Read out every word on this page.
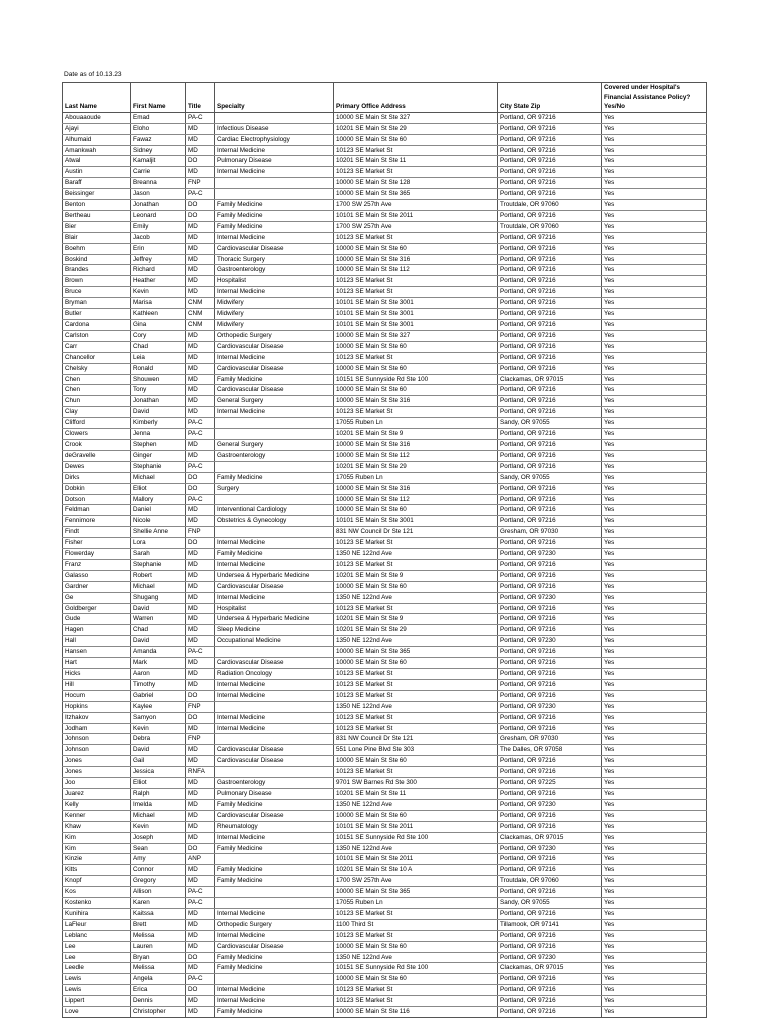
Date as of 10.13.23
Last Name	First Name	Title	Specialty	Primary Office Address	City State Zip	Covered under Hospital's Financial Assistance Policy? Yes/No
Abouaaoude	Emad	PA-C		10000 SE Main St Ste 327	Portland, OR 97216	Yes
Ajayi	Eloho	MD	Infectious Disease	10201 SE Main St Ste 29	Portland, OR 97216	Yes
Alhumaid	Fawaz	MD	Cardiac Electrophysiology	10000 SE Main St Ste 60	Portland, OR 97216	Yes
Amankwah	Sidney	MD	Internal Medicine	10123 SE Market St	Portland, OR 97216	Yes
Atwal	Kamaljit	DO	Pulmonary Disease	10201 SE Main St Ste 11	Portland, OR 97216	Yes
Austin	Carrie	MD	Internal Medicine	10123 SE Market St	Portland, OR 97216	Yes
Baraff	Breanna	FNP		10000 SE Main St Ste 128	Portland, OR 97216	Yes
Beissinger	Jason	PA-C		10000 SE Main St Ste 365	Portland, OR 97216	Yes
Benton	Jonathan	DO	Family Medicine	1700 SW 257th Ave	Troutdale, OR 97060	Yes
Bertheau	Leonard	DO	Family Medicine	10101 SE Main St Ste 2011	Portland, OR 97216	Yes
Bier	Emily	MD	Family Medicine	1700 SW 257th Ave	Troutdale, OR 97060	Yes
Blair	Jacob	MD	Internal Medicine	10123 SE Market St	Portland, OR 97216	Yes
Boehm	Erin	MD	Cardiovascular Disease	10000 SE Main St Ste 60	Portland, OR 97216	Yes
Boskind	Jeffrey	MD	Thoracic Surgery	10000 SE Main St Ste 316	Portland, OR 97216	Yes
Brandes	Richard	MD	Gastroenterology	10000 SE Main St Ste 112	Portland, OR 97216	Yes
Brown	Heather	MD	Hospitalist	10123 SE Market St	Portland, OR 97216	Yes
Bruce	Kevin	MD	Internal Medicine	10123 SE Market St	Portland, OR 97216	Yes
Bryman	Marisa	CNM	Midwifery	10101 SE Main St Ste 3001	Portland, OR 97216	Yes
Butler	Kathleen	CNM	Midwifery	10101 SE Main St Ste 3001	Portland, OR 97216	Yes
Cardona	Gina	CNM	Midwifery	10101 SE Main St Ste 3001	Portland, OR 97216	Yes
Carlston	Cory	MD	Orthopedic Surgery	10000 SE Main St Ste 327	Portland, OR 97216	Yes
Carr	Chad	MD	Cardiovascular Disease	10000 SE Main St Ste 60	Portland, OR 97216	Yes
Chancellor	Leia	MD	Internal Medicine	10123 SE Market St	Portland, OR 97216	Yes
Chelsky	Ronald	MD	Cardiovascular Disease	10000 SE Main St Ste 60	Portland, OR 97216	Yes
Chen	Shouwen	MD	Family Medicine	10151 SE Sunnyside Rd Ste 100	Clackamas, OR 97015	Yes
Chen	Tony	MD	Cardiovascular Disease	10000 SE Main St Ste 60	Portland, OR 97216	Yes
Chun	Jonathan	MD	General Surgery	10000 SE Main St Ste 316	Portland, OR 97216	Yes
Clay	David	MD	Internal Medicine	10123 SE Market St	Portland, OR 97216	Yes
Clifford	Kimberly	PA-C		17055 Ruben Ln	Sandy, OR 97055	Yes
Clowers	Jenna	PA-C		10201 SE Main St Ste 9	Portland, OR 97216	Yes
Crook	Stephen	MD	General Surgery	10000 SE Main St Ste 316	Portland, OR 97216	Yes
deGravelle	Ginger	MD	Gastroenterology	10000 SE Main St Ste 112	Portland, OR 97216	Yes
Dewes	Stephanie	PA-C		10201 SE Main St Ste 29	Portland, OR 97216	Yes
Dirks	Michael	DO	Family Medicine	17055 Ruben Ln	Sandy, OR 97055	Yes
Dobkin	Elliot	DO	Surgery	10000 SE Main St Ste 316	Portland, OR 97216	Yes
Dotson	Mallory	PA-C		10000 SE Main St Ste 112	Portland, OR 97216	Yes
Feldman	Daniel	MD	Interventional Cardiology	10000 SE Main St Ste 60	Portland, OR 97216	Yes
Fennimore	Nicole	MD	Obstetrics & Gynecology	10101 SE Main St Ste 3001	Portland, OR 97216	Yes
Findt	Shellie Anne	FNP		831 NW Council Dr Ste 121	Gresham, OR 97030	Yes
Fisher	Lora	DO	Internal Medicine	10123 SE Market St	Portland, OR 97216	Yes
Flowerday	Sarah	MD	Family Medicine	1350 NE 122nd Ave	Portland, OR 97230	Yes
Franz	Stephanie	MD	Internal Medicine	10123 SE Market St	Portland, OR 97216	Yes
Galasso	Robert	MD	Undersea & Hyperbaric Medicine	10201 SE Main St Ste 9	Portland, OR 97216	Yes
Gardner	Michael	MD	Cardiovascular Disease	10000 SE Main St Ste 60	Portland, OR 97216	Yes
Ge	Shugang	MD	Internal Medicine	1350 NE 122nd Ave	Portland, OR 97230	Yes
Goldberger	David	MD	Hospitalist	10123 SE Market St	Portland, OR 97216	Yes
Gude	Warren	MD	Undersea & Hyperbaric Medicine	10201 SE Main St Ste 9	Portland, OR 97216	Yes
Hagen	Chad	MD	Sleep Medicine	10201 SE Main St Ste 29	Portland, OR 97216	Yes
Hall	David	MD	Occupational Medicine	1350 NE 122nd Ave	Portland, OR 97230	Yes
Hansen	Amanda	PA-C		10000 SE Main St Ste 365	Portland, OR 97216	Yes
Hart	Mark	MD	Cardiovascular Disease	10000 SE Main St Ste 60	Portland, OR 97216	Yes
Hicks	Aaron	MD	Radiation Oncology	10123 SE Market St	Portland, OR 97216	Yes
Hill	Timothy	MD	Internal Medicine	10123 SE Market St	Portland, OR 97216	Yes
Hocum	Gabriel	DO	Internal Medicine	10123 SE Market St	Portland, OR 97216	Yes
Hopkins	Kaylee	FNP		1350 NE 122nd Ave	Portland, OR 97230	Yes
Itzhakov	Samyon	DO	Internal Medicine	10123 SE Market St	Portland, OR 97216	Yes
Jodham	Kevin	MD	Internal Medicine	10123 SE Market St	Portland, OR 97216	Yes
Johnson	Debra	FNP		831 NW Council Dr Ste 121	Gresham, OR 97030	Yes
Johnson	David	MD	Cardiovascular Disease	551 Lone Pine Blvd Ste 303	The Dalles, OR 97058	Yes
Jones	Gail	MD	Cardiovascular Disease	10000 SE Main St Ste 60	Portland, OR 97216	Yes
Jones	Jessica	RNFA		10123 SE Market St	Portland, OR 97216	Yes
Joo	Elliot	MD	Gastroenterology	9701 SW Barnes Rd Ste 300	Portland, OR 97225	Yes
Juarez	Ralph	MD	Pulmonary Disease	10201 SE Main St Ste 11	Portland, OR 97216	Yes
Kelly	Imelda	MD	Family Medicine	1350 NE 122nd Ave	Portland, OR 97230	Yes
Kenner	Michael	MD	Cardiovascular Disease	10000 SE Main St Ste 60	Portland, OR 97216	Yes
Khaw	Kevin	MD	Rheumatology	10101 SE Main St Ste 2011	Portland, OR 97216	Yes
Kim	Joseph	MD	Internal Medicine	10151 SE Sunnyside Rd Ste 100	Clackamas, OR 97015	Yes
Kim	Sean	DO	Family Medicine	1350 NE 122nd Ave	Portland, OR 97230	Yes
Kinzie	Amy	ANP		10101 SE Main St Ste 2011	Portland, OR 97216	Yes
Kitts	Connor	MD	Family Medicine	10201 SE Main St Ste 10 A	Portland, OR 97216	Yes
Knopf	Gregory	MD	Family Medicine	1700 SW 257th Ave	Troutdale, OR 97060	Yes
Kos	Allison	PA-C		10000 SE Main St Ste 365	Portland, OR 97216	Yes
Kostenko	Karen	PA-C		17055 Ruben Ln	Sandy, OR 97055	Yes
Kunihira	Kaitssa	MD	Internal Medicine	10123 SE Market St	Portland, OR 97216	Yes
LaFleur	Brett	MD	Orthopedic Surgery	1100 Third St	Tillamook, OR 97141	Yes
Leblanc	Melissa	MD	Internal Medicine	10123 SE Market St	Portland, OR 97216	Yes
Lee	Lauren	MD	Cardiovascular Disease	10000 SE Main St Ste 60	Portland, OR 97216	Yes
Lee	Bryan	DO	Family Medicine	1350 NE 122nd Ave	Portland, OR 97230	Yes
Leedle	Melissa	MD	Family Medicine	10151 SE Sunnyside Rd Ste 100	Clackamas, OR 97015	Yes
Lewis	Angela	PA-C		10000 SE Main St Ste 60	Portland, OR 97216	Yes
Lewis	Erica	DO	Internal Medicine	10123 SE Market St	Portland, OR 97216	Yes
Lippert	Dennis	MD	Internal Medicine	10123 SE Market St	Portland, OR 97216	Yes
Love	Christopher	MD	Family Medicine	10000 SE Main St Ste 116	Portland, OR 97216	Yes
